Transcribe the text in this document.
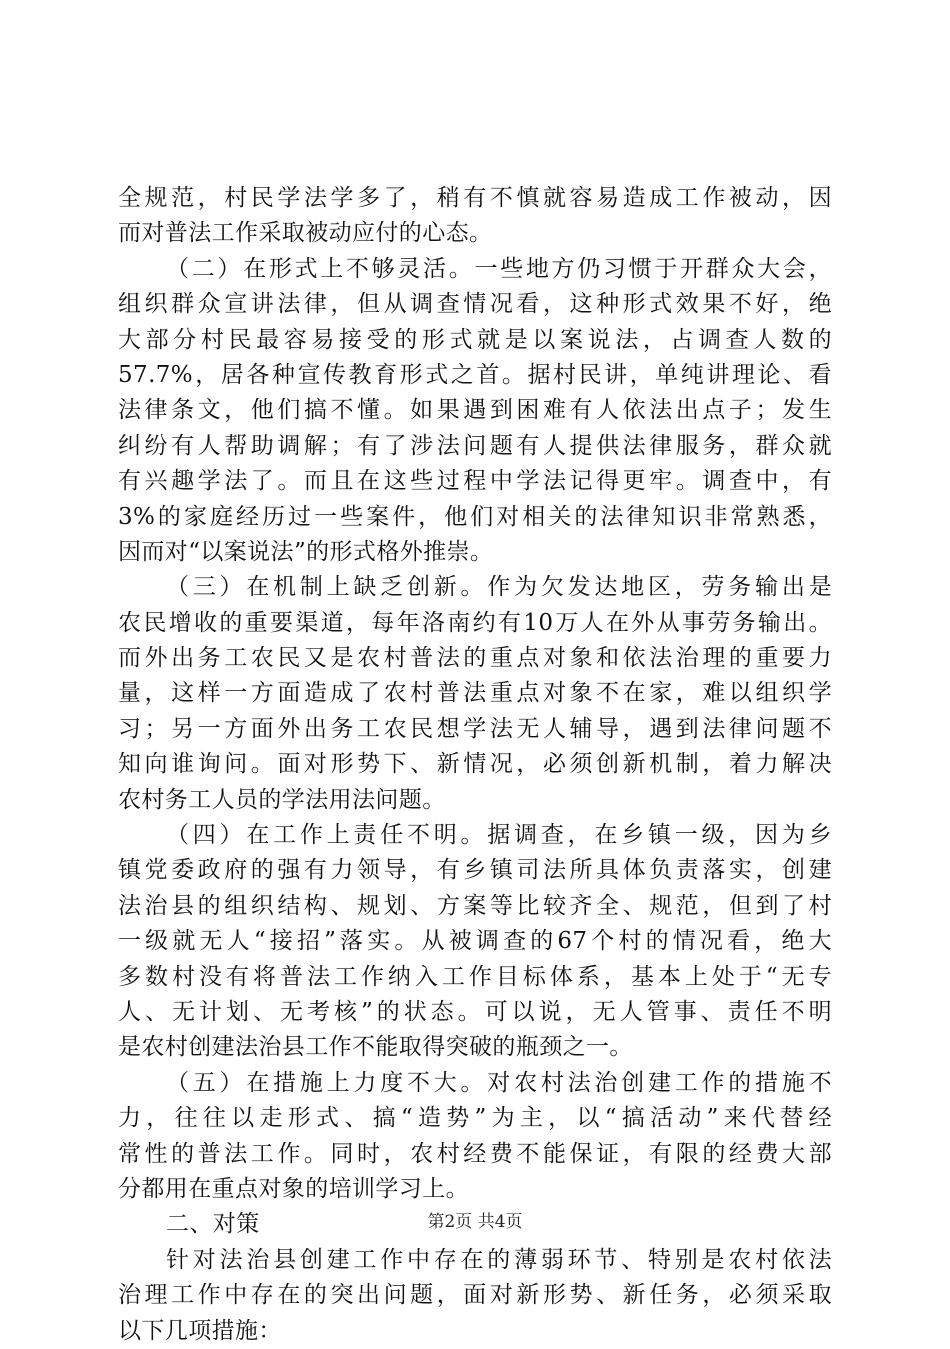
全规范，村民学法学多了，稍有不慎就容易造成工作被动，因
而对普法工作采取被动应付的心态。
（二）在形式上不够灵活。一些地方仍习惯于开群众大会，
组织群众宣讲法律，但从调查情况看，这种形式效果不好，绝
大部分村民最容易接受的形式就是以案说法，占调查人数的
57.7%，居各种宣传教育形式之首。据村民讲，单纯讲理论、看
法律条文，他们搞不懂。如果遇到困难有人依法出点子；发生
纠纷有人帮助调解；有了涉法问题有人提供法律服务，群众就
有兴趣学法了。而且在这些过程中学法记得更牢。调查中，有
3%的家庭经历过一些案件，他们对相关的法律知识非常熟悉，
因而对“以案说法”的形式格外推崇。
（三）在机制上缺乏创新。作为欠发达地区，劳务输出是
农民增收的重要渠道，每年洛南约有10万人在外从事劳务输出。
而外出务工农民又是农村普法的重点对象和依法治理的重要力
量，这样一方面造成了农村普法重点对象不在家，难以组织学
习；另一方面外出务工农民想学法无人辅导，遇到法律问题不
知向谁询问。面对形势下、新情况，必须创新机制，着力解决
农村务工人员的学法用法问题。
（四）在工作上责任不明。据调查，在乡镇一级，因为乡
镇党委政府的强有力领导，有乡镇司法所具体负责落实，创建
法治县的组织结构、规划、方案等比较齐全、规范，但到了村
一级就无人“接招”落实。从被调查的67个村的情况看，绝大
多数村没有将普法工作纳入工作目标体系，基本上处于“无专
人、无计划、无考核”的状态。可以说，无人管事、责任不明
是农村创建法治县工作不能取得突破的瓶颈之一。
（五）在措施上力度不大。对农村法治创建工作的措施不
力，往往以走形式、搞“造势”为主，以“搞活动”来代替经
常性的普法工作。同时，农村经费不能保证，有限的经费大部
分都用在重点对象的培训学习上。
二、对策
针对法治县创建工作中存在的薄弱环节、特别是农村依法
治理工作中存在的突出问题，面对新形势、新任务，必须采取
以下几项措施：
第2页 共4页
